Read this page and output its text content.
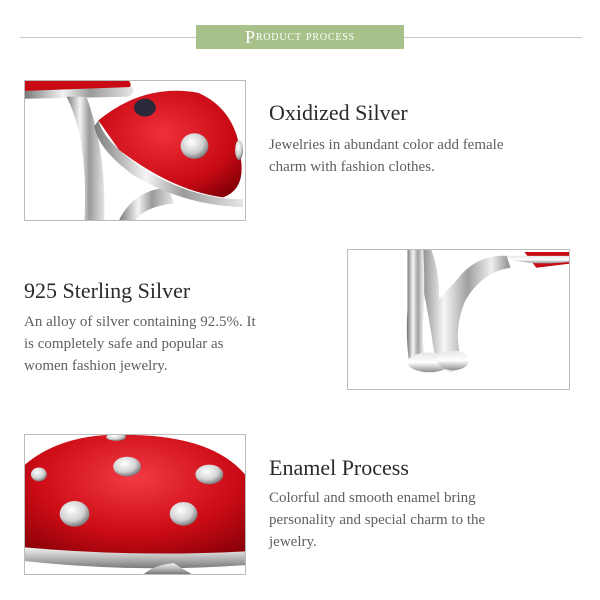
P roduct process
Oxidized Silver
Jewelries in abundant color add female
charm with fashion clothes.
925 Sterling Silver
An alloy of silver containing 92.5%. It
is completely safe and popular as
women fashion jewelry.
Enamel Process
Colorful and smooth enamel bring
personality and special charm to the
jewelry.
